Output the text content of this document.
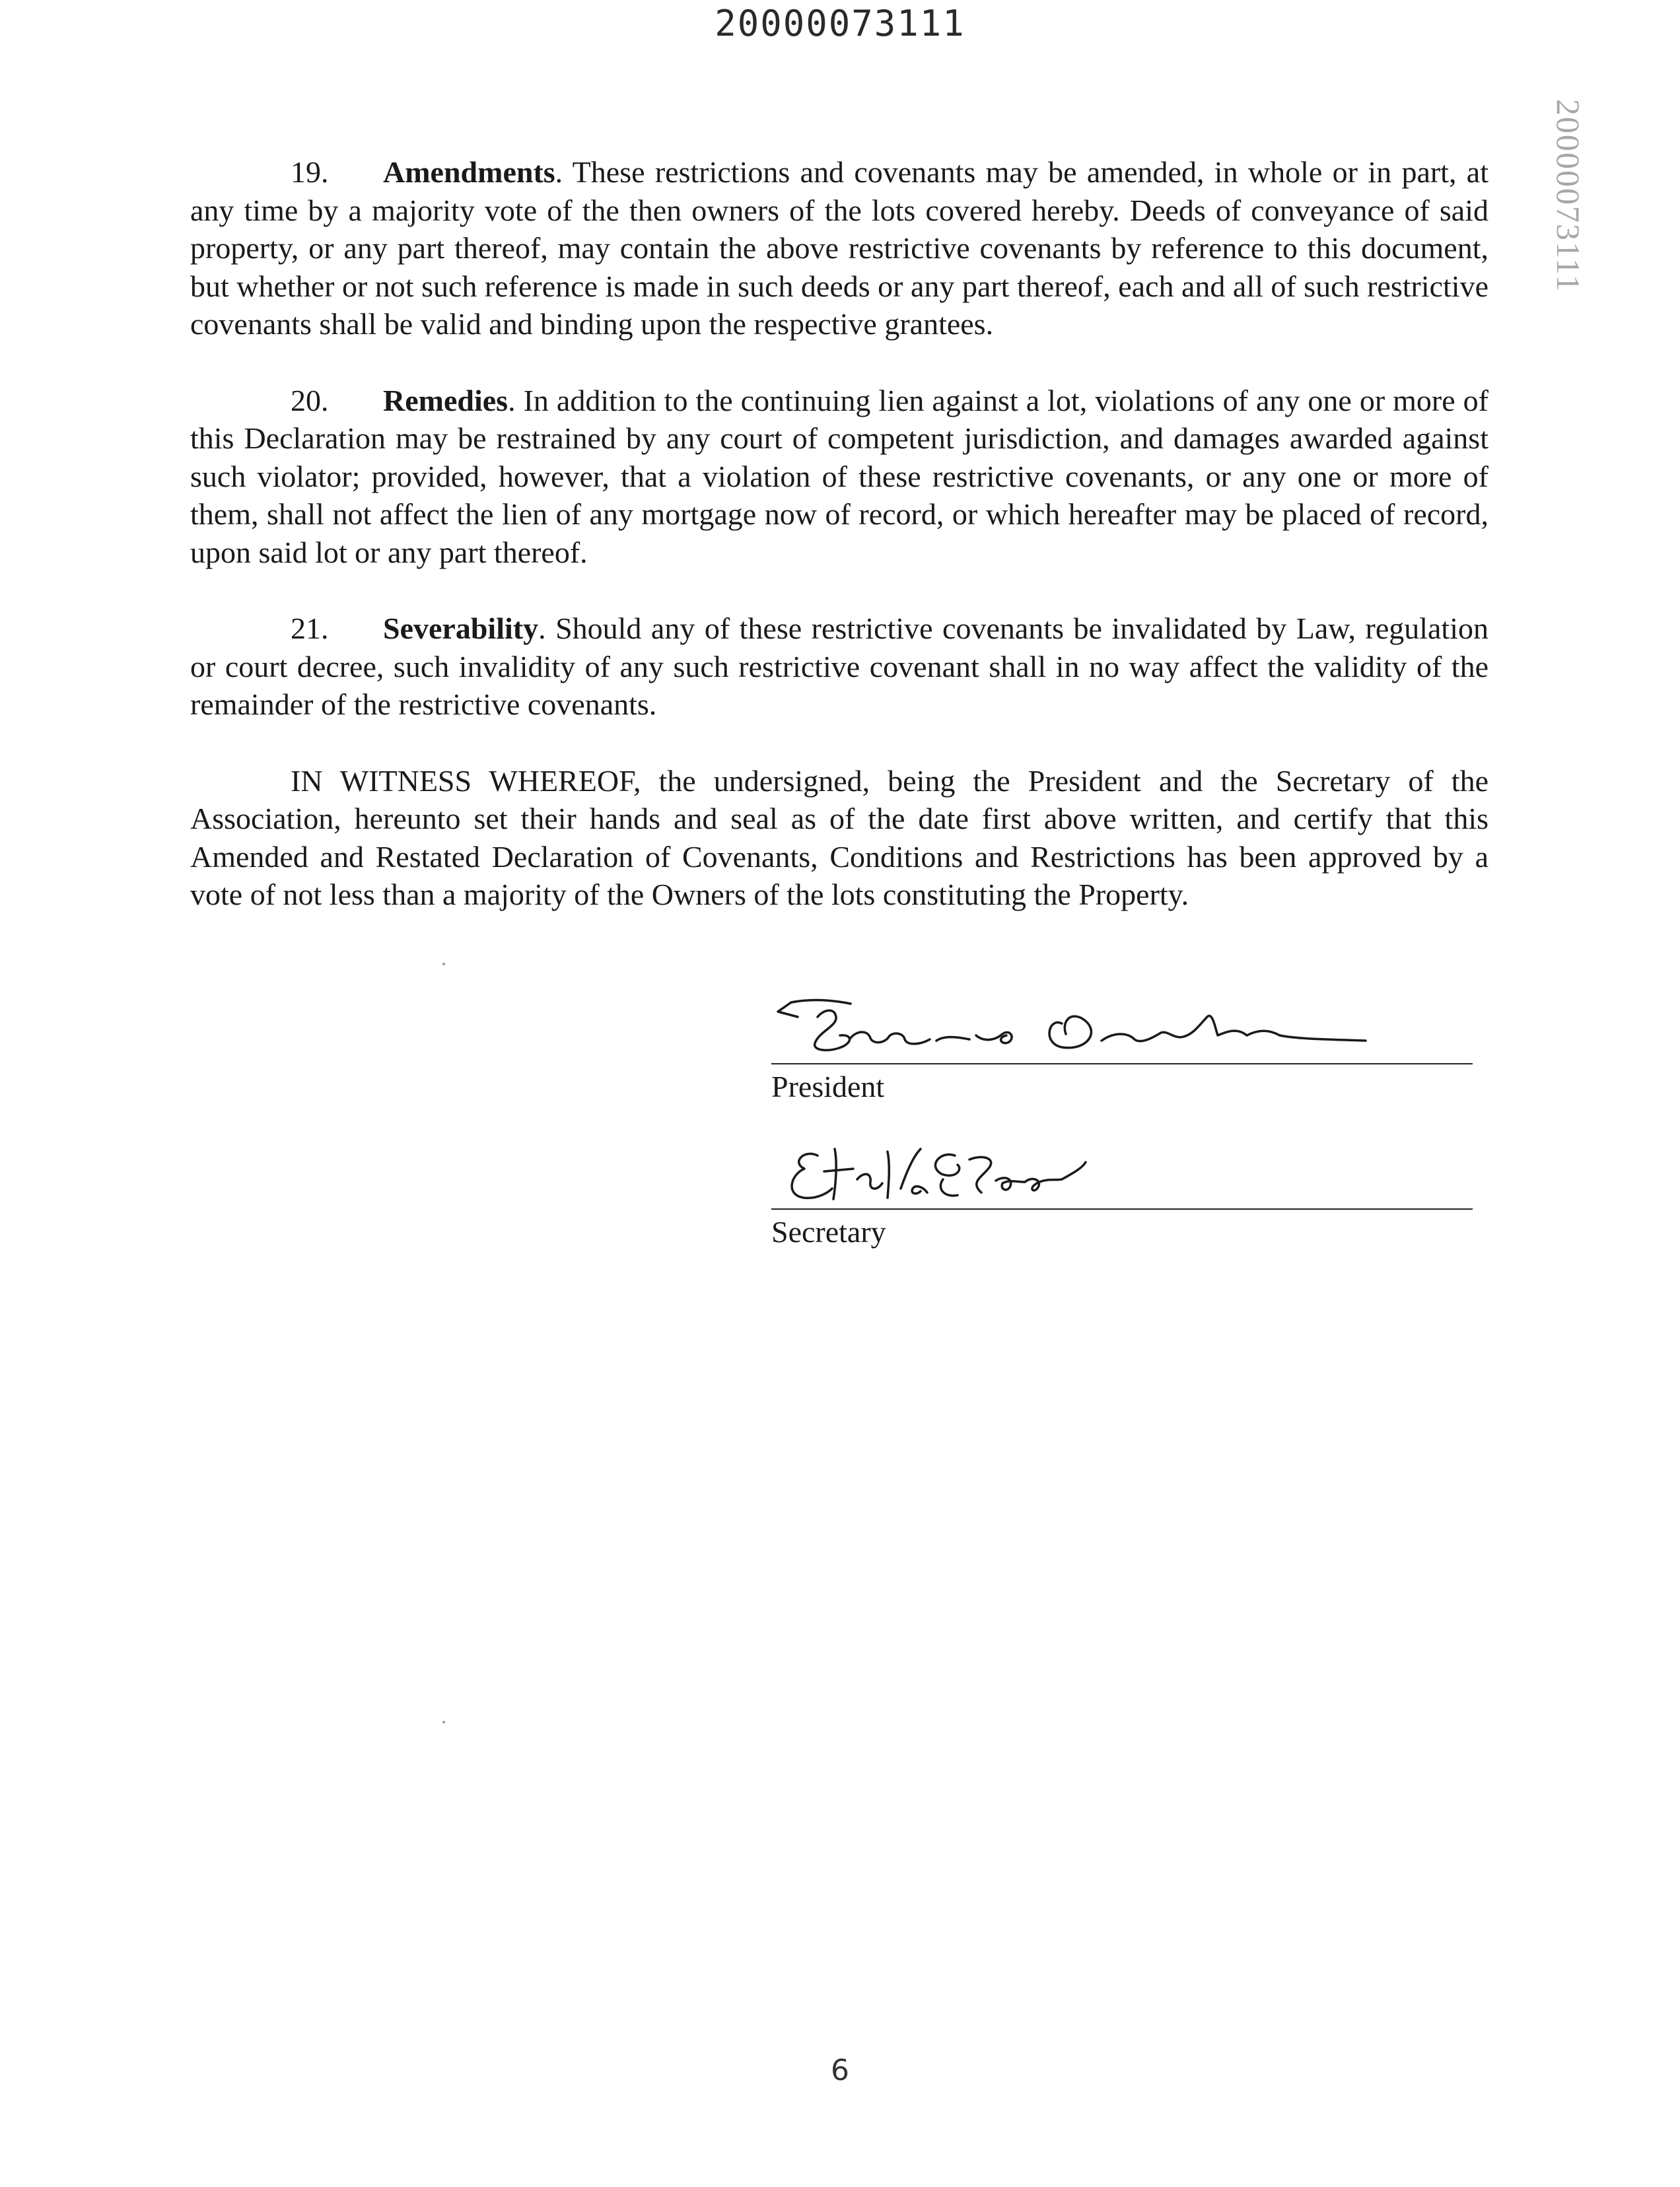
20000073111
20000073111

19. Amendments. These restrictions and covenants may be amended, in whole or in part, at any time by a majority vote of the then owners of the lots covered hereby. Deeds of conveyance of said property, or any part thereof, may contain the above restrictive covenants by reference to this document, but whether or not such reference is made in such deeds or any part thereof, each and all of such restrictive covenants shall be valid and binding upon the respective grantees.

20. Remedies. In addition to the continuing lien against a lot, violations of any one or more of this Declaration may be restrained by any court of competent jurisdiction, and damages awarded against such violator; provided, however, that a violation of these restrictive covenants, or any one or more of them, shall not affect the lien of any mortgage now of record, or which hereafter may be placed of record, upon said lot or any part thereof.

21. Severability. Should any of these restrictive covenants be invalidated by Law, regulation or court decree, such invalidity of any such restrictive covenant shall in no way affect the validity of the remainder of the restrictive covenants.

IN WITNESS WHEREOF, the undersigned, being the President and the Secretary of the Association, hereunto set their hands and seal as of the date first above written, and certify that this Amended and Restated Declaration of Covenants, Conditions and Restrictions has been approved by a vote of not less than a majority of the Owners of the lots constituting the Property.

President
Secretary
6
